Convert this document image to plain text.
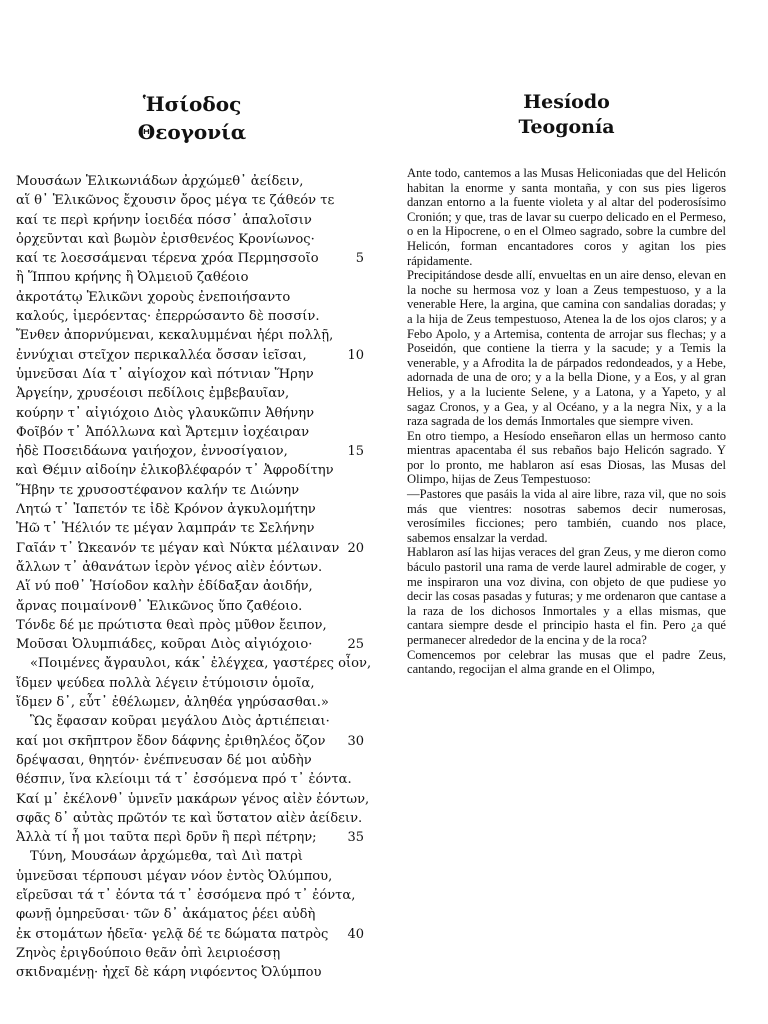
Ἡσίοδος
Θεογονία
Μουσάων Ἑλικωνιάδων ἀρχώμεθ᾽ ἀείδειν,
αἵ θ᾽ Ἑλικῶνος ἔχουσιν ὄρος μέγα τε ζάθεόν τε
καί τε περὶ κρήνην ἰοειδέα πόσσ᾽ ἁπαλοῖσιν
ὀρχεῦνται καὶ βωμὸν ἐρισθενέος Κρονίωνος·
καί τε λοεσσάμεναι τέρενα χρόα Περμησσοῖο	5
ἢ Ἵππου κρήνης ἢ Ὀλμειοῦ ζαθέοιο
ἀκροτάτῳ Ἑλικῶνι χοροὺς ἐνεποιήσαντο
καλούς, ἱμερόεντας· ἐπερρώσαντο δὲ ποσσίν.
Ἔνθεν ἀπορνύμεναι, κεκαλυμμέναι ἠέρι πολλῇ,
ἐννύχιαι στεῖχον περικαλλέα ὄσσαν ἱεῖσαι,	10
ὑμνεῦσαι Δία τ᾽ αἰγίοχον καὶ πότνιαν Ἥρην
Ἀργείην, χρυσέοισι πεδίλοις ἐμβεβαυῖαν,
κούρην τ᾽ αἰγιόχοιο Διὸς γλαυκῶπιν Ἀθήνην
Φοῖβόν τ᾽ Ἀπόλλωνα καὶ Ἄρτεμιν ἰοχέαιραν
ἠδὲ Ποσειδάωνα γαιήοχον, ἐννοσίγαιον,	15
καὶ Θέμιν αἰδοίην ἑλικοβλέφαρόν τ᾽ Ἀφροδίτην
Ἥβην τε χρυσοστέφανον καλήν τε Διώνην
Λητώ τ᾽ Ἰαπετόν τε ἰδὲ Κρόνον ἀγκυλομήτην
Ἠῶ τ᾽ Ἠέλιόν τε μέγαν λαμπράν τε Σελήνην
Γαῖάν τ᾽ Ὠκεανόν τε μέγαν καὶ Νύκτα μέλαιναν 20
ἄλλων τ᾽ ἀθανάτων ἱερὸν γένος αἰὲν ἐόντων.
Αἵ νύ ποθ᾽ Ἡσίοδον καλὴν ἐδίδαξαν ἀοιδήν,
ἄρνας ποιμαίνονθ᾽ Ἑλικῶνος ὕπο ζαθέοιο.
Τόνδε δέ με πρώτιστα θεαὶ πρὸς μῦθον ἔειπον,
Μοῦσαι Ὀλυμπιάδες, κοῦραι Διὸς αἰγιόχοιο·	25
«Ποιμένες ἄγραυλοι, κάκ᾽ ἐλέγχεα, γαστέρες οἶον,
ἴδμεν ψεύδεα πολλὰ λέγειν ἐτύμοισιν ὁμοῖα,
ἴδμεν δ᾽, εὖτ᾽ ἐθέλωμεν, ἀληθέα γηρύσασθαι.»
Ὣς ἔφασαν κοῦραι μεγάλου Διὸς ἀρτιέπειαι·
καί μοι σκῆπτρον ἔδον δάφνης ἐριθηλέος ὄζον 30
δρέψασαι, θηητόν· ἐνέπνευσαν δέ μοι αὐδὴν
θέσπιν, ἵνα κλείοιμι τά τ᾽ ἐσσόμενα πρό τ᾽ ἐόντα.
Καί μ᾽ ἐκέλονθ᾽ ὑμνεῖν μακάρων γένος αἰὲν ἐόντων,
σφᾶς δ᾽ αὐτὰς πρῶτόν τε καὶ ὕστατον αἰὲν ἀείδειν.
Ἀλλὰ τί ἦ μοι ταῦτα περὶ δρῦν ἢ περὶ πέτρην; 35
Τύνη, Μουσάων ἀρχώμεθα, ταὶ Διὶ πατρὶ
ὑμνεῦσαι τέρπουσι μέγαν νόον ἐντὸς Ὀλύμπου,
εἴρεῦσαι τά τ᾽ ἐόντα τά τ᾽ ἐσσόμενα πρό τ᾽ ἐόντα,
φωνῇ ὁμηρεῦσαι· τῶν δ᾽ ἀκάματος ῥέει αὐδὴ
ἐκ στομάτων ἡδεῖα· γελᾷ δέ τε δώματα πατρὸς 40
Ζηνὸς ἐριγδούποιο θεᾶν ὀπὶ λειριοέσσῃ
σκιδναμένῃ· ἠχεῖ δὲ κάρη νιφόεντος Ὀλύμπου
Hesíodo
Teogonía

Ante todo, cantemos a las Musas Heliconiadas que del Helicón habitan la enorme y santa montaña, y con sus pies ligeros danzan entorno a la fuente violeta y al altar del poderosísimo Cronión; y que, tras de lavar su cuerpo delicado en el Permeso, o en la Hipocrene, o en el Olmeo sagrado, sobre la cumbre del Helicón, forman encantadores coros y agitan los pies rápidamente.

Precipitándose desde allí, envueltas en un aire denso, elevan en la noche su hermosa voz y loan a Zeus tempestuoso, y a la venerable Here, la argina, que camina con sandalias doradas; y a la hija de Zeus tempestuoso, Atenea la de los ojos claros; y a Febo Apolo, y a Artemisa, contenta de arrojar sus flechas; y a Poseidón, que contiene la tierra y la sacude; y a Temis la venerable, y a Afrodita la de párpados redondeados, y a Hebe, adornada de una de oro; y a la bella Dione, y a Eos, y al gran Helios, y a la luciente Selene, y a Latona, y a Yapeto, y al sagaz Cronos, y a Gea, y al Océano, y a la negra Nix, y a la raza sagrada de los demás Inmortales que siempre viven.

En otro tiempo, a Hesíodo enseñaron ellas un hermoso canto mientras apacentaba él sus rebaños bajo Helicón sagrado. Y por lo pronto, me hablaron así esas Diosas, las Musas del Olimpo, hijas de Zeus Tempestuoso:

—Pastores que pasáis la vida al aire libre, raza vil, que no sois más que vientres: nosotras sabemos decir numerosas, verosímiles ficciones; pero también, cuando nos place, sabemos ensalzar la verdad.

Hablaron así las hijas veraces del gran Zeus, y me dieron como báculo pastoril una rama de verde laurel admirable de coger, y me inspiraron una voz divina, con objeto de que pudiese yo decir las cosas pasadas y futuras; y me ordenaron que cantase a la raza de los dichosos Inmortales y a ellas mismas, que cantara siempre desde el principio hasta el fin. Pero ¿a qué permanecer alrededor de la encina y de la roca?

Comencemos por celebrar las musas que el padre Zeus, cantando, regocijan el alma grande en el Olimpo,
